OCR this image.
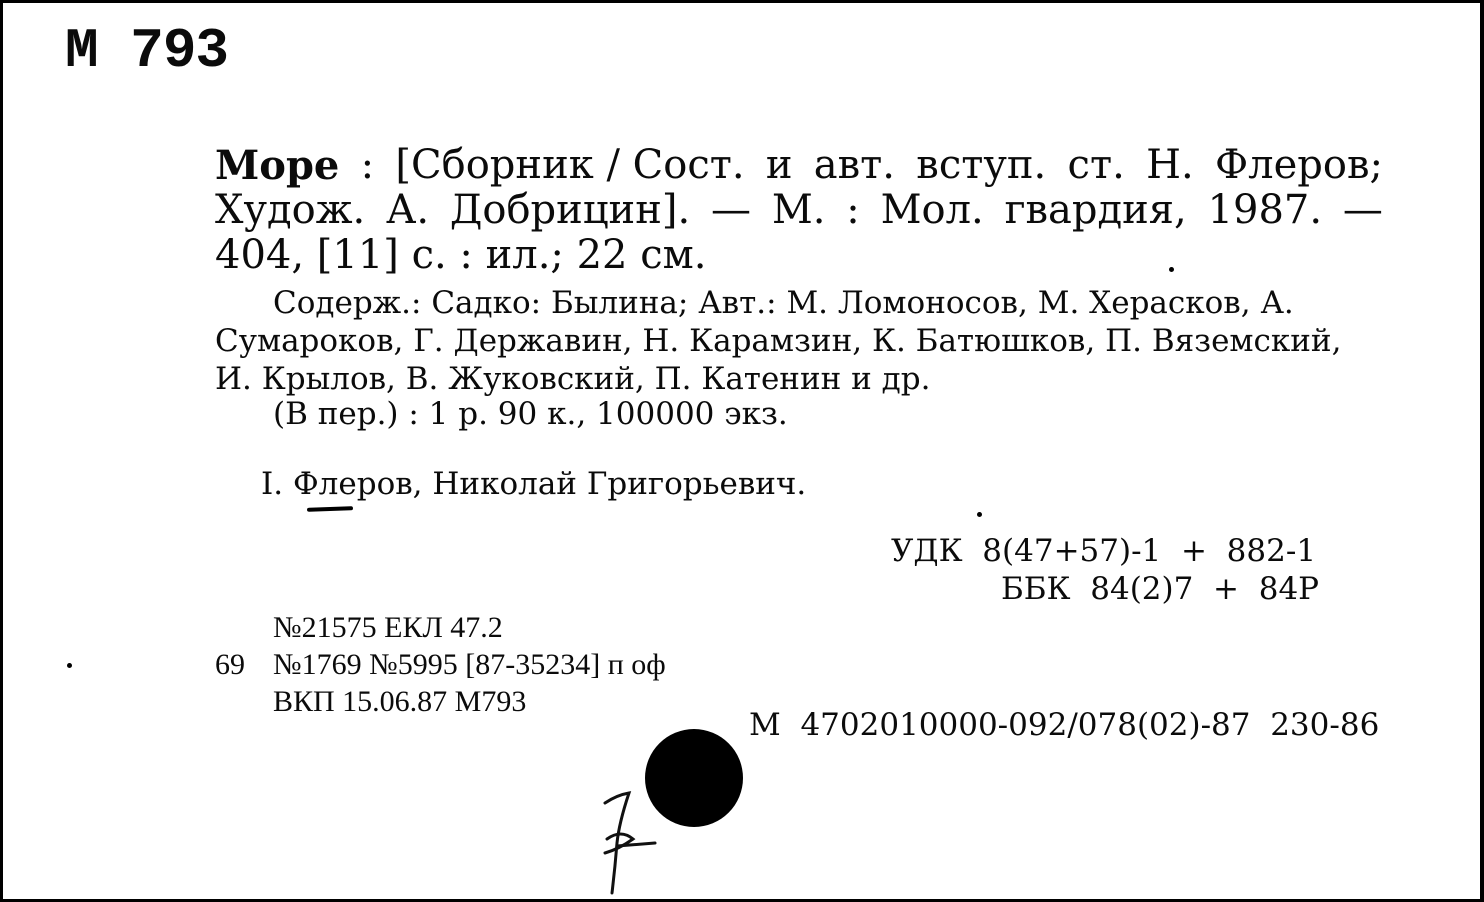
М 793
Море : [Сборник / Сост. и авт. вступ. ст. Н. Флеров;
Худож. А. Добрицин]. — М. : Мол. гвардия, 1987. —
404, [11] с. : ил.; 22 см.
Содерж.: Садко: Былина; Авт.: М. Ломоносов, М. Херасков, А.
Сумароков, Г. Державин, Н. Карамзин, К. Батюшков, П. Вяземский,
И. Крылов, В. Жуковский, П. Катенин и др.
(В пер.) : 1 р. 90 к., 100000 экз.
I. Флеров, Николай Григорьевич.
УДК  8(47+57)-1  +  882-1
ББК  84(2)7  +  84Р
№21575 ЕКЛ 47.2
69 №1769 №5995 [87-35234] п оф
ВКП 15.06.87 М793
М  4702010000-092/078(02)-87  230-86
